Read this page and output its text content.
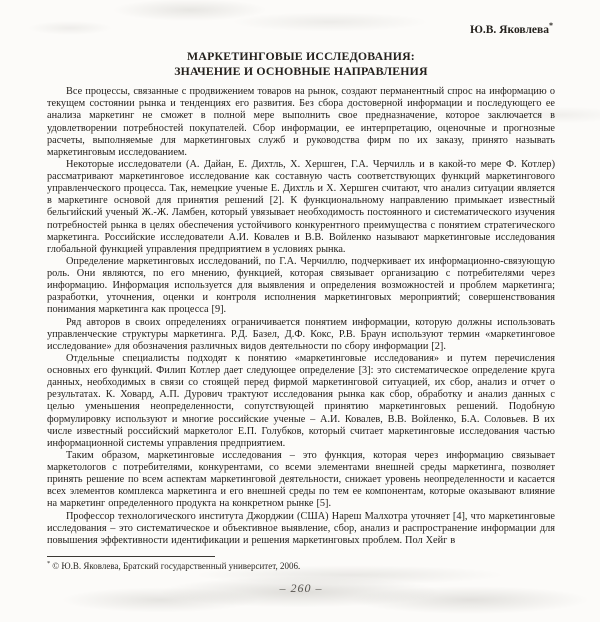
Ю.В. Яковлева*
МАРКЕТИНГОВЫЕ ИССЛЕДОВАНИЯ:
ЗНАЧЕНИЕ И ОСНОВНЫЕ НАПРАВЛЕНИЯ

Все процессы, связанные с продвижением товаров на рынок, создают перманентный спрос на информацию о текущем состоянии рынка и тенденциях его развития. Без сбора достоверной информации и последующего ее анализа маркетинг не сможет в полной мере выполнить свое предназначение, которое заключается в удовлетворении потребностей покупателей. Сбор информации, ее интерпретацию, оценочные и прогнозные расчеты, выполняемые для маркетинговых служб и руководства фирм по их заказу, принято называть маркетинговым исследованием.

Некоторые исследователи (А. Дайан, Е. Дихтль, Х. Хершген, Г.А. Черчилль и в какой-то мере Ф. Котлер) рассматривают маркетинговое исследование как составную часть соответствующих функций маркетингового управленческого процесса. Так, немецкие ученые Е. Дихтль и Х. Хершген считают, что анализ ситуации является в маркетинге основой для принятия решений [2]. К функциональному направлению примыкает известный бельгийский ученый Ж.-Ж. Ламбен, который увязывает необходимость постоянного и систематического изучения потребностей рынка в целях обеспечения устойчивого конкурентного преимущества с понятием стратегического маркетинга. Российские исследователи А.И. Ковалев и В.В. Войленко называют маркетинговые исследования глобальной функцией управления предприятием в условиях рынка.

Определение маркетинговых исследований, по Г.А. Черчиллю, подчеркивает их информационно-связующую роль. Они являются, по его мнению, функцией, которая связывает организацию с потребителями через информацию. Информация используется для выявления и определения возможностей и проблем маркетинга; разработки, уточнения, оценки и контроля исполнения маркетинговых мероприятий; совершенствования понимания маркетинга как процесса [9].

Ряд авторов в своих определениях ограничивается понятием информации, которую должны использовать управленческие структуры маркетинга. Р.Д. Базел, Д.Ф. Кокс, Р.В. Браун используют термин «маркетинговое исследование» для обозначения различных видов деятельности по сбору информации [2].

Отдельные специалисты подходят к понятию «маркетинговые исследования» и путем перечисления основных его функций. Филип Котлер дает следующее определение [3]: это систематическое определение круга данных, необходимых в связи со стоящей перед фирмой маркетинговой ситуацией, их сбор, анализ и отчет о результатах. К. Ховард, А.П. Дурович трактуют исследования рынка как сбор, обработку и анализ данных с целью уменьшения неопределенности, сопутствующей принятию маркетинговых решений. Подобную формулировку используют и многие российские ученые – А.И. Ковалев, В.В. Войленко, Б.А. Соловьев. В их числе известный российский маркетолог Е.П. Голубков, который считает маркетинговые исследования частью информационной системы управления предприятием.

Таким образом, маркетинговые исследования – это функция, которая через информацию связывает маркетологов с потребителями, конкурентами, со всеми элементами внешней среды маркетинга, позволяет принять решение по всем аспектам маркетинговой деятельности, снижает уровень неопределенности и касается всех элементов комплекса маркетинга и его внешней среды по тем ее компонентам, которые оказывают влияние на маркетинг определенного продукта на конкретном рынке [5].

Профессор технологического института Джорджии (США) Нареш Малхотра уточняет [4], что маркетинговые исследования – это систематическое и объективное выявление, сбор, анализ и распространение информации для повышения эффективности идентификации и решения маркетинговых проблем. Пол Хейг в

* © Ю.В. Яковлева, Братский государственный университет, 2006.
– 260 –
